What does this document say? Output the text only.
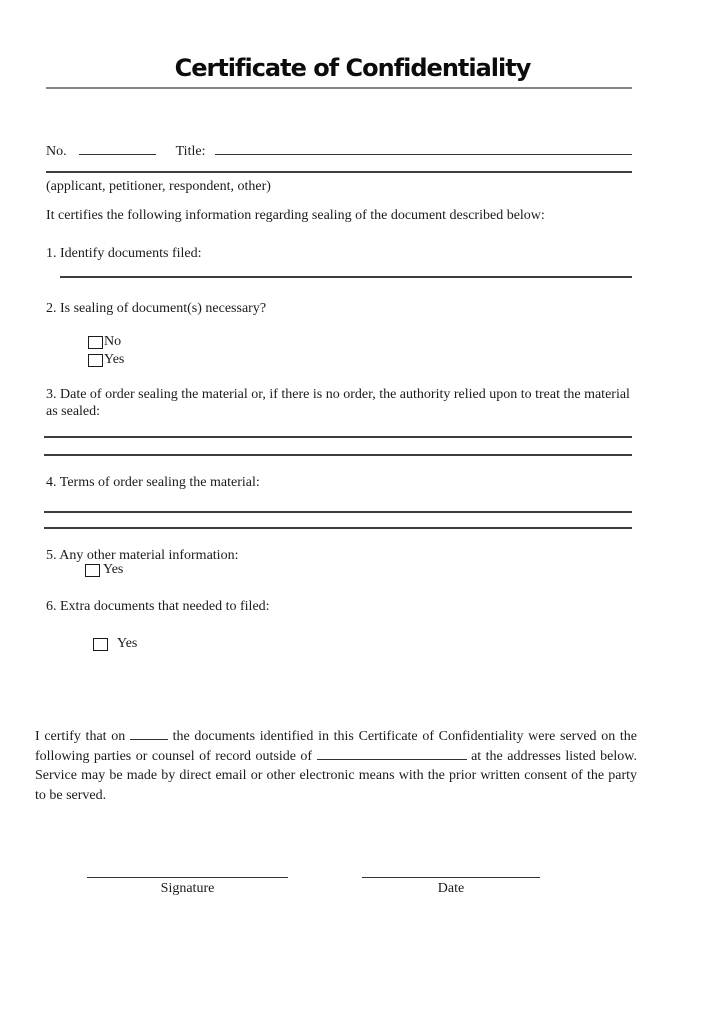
Certificate of Confidentiality
No.	Title:
(applicant, petitioner, respondent, other)
It certifies the following information regarding sealing of the document described below:
1. Identify documents filed:
2. Is sealing of document(s) necessary?
No
Yes
3. Date of order sealing the material or, if there is no order, the authority relied upon to treat the material as sealed:
4. Terms of order sealing the material:
5. Any other material information:
Yes
6. Extra documents that needed to filed:
Yes

I certify that on	the documents identified in this Certificate of Confidentiality were served on the following parties or counsel of record outside of	at the addresses listed below. Service may be made by direct email or other electronic means with the prior written consent of the party to be served.

Signature	Date
